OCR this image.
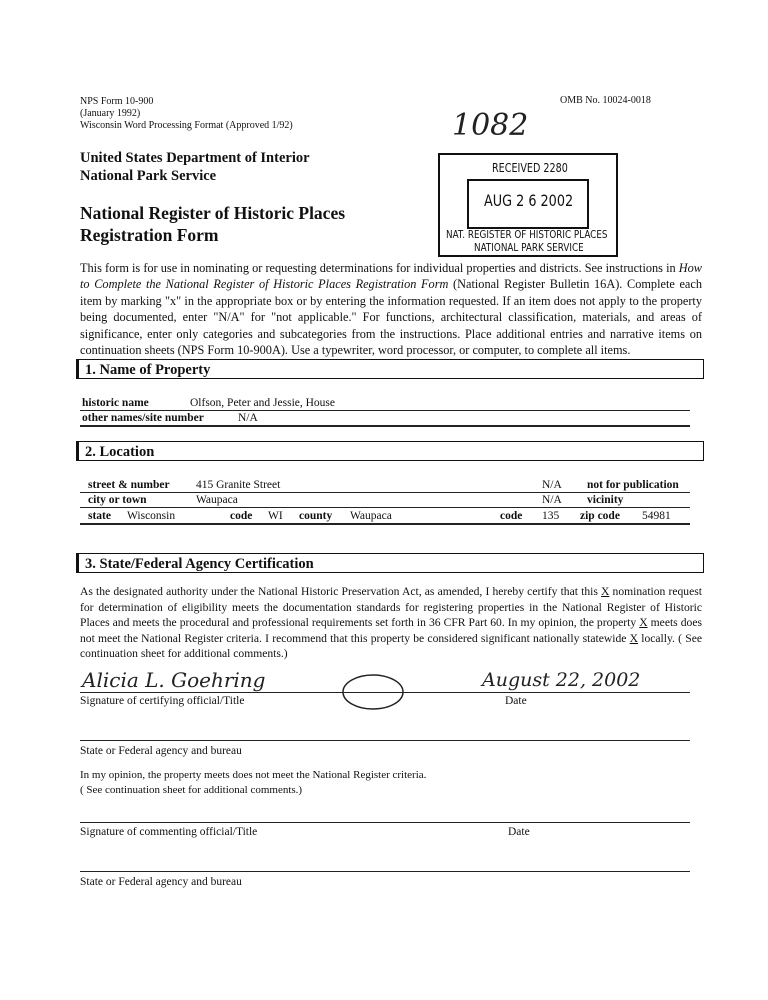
NPS Form 10-900
(January 1992)
Wisconsin Word Processing Format (Approved 1/92)
OMB No. 10024-0018
1082
United States Department of Interior
National Park Service
National Register of Historic Places
Registration Form
RECEIVED 2280
AUG 2 6 2002
NAT. REGISTER OF HISTORIC PLACES
NATIONAL PARK SERVICE
This form is for use in nominating or requesting determinations for individual properties and districts. See instructions in How to Complete the National Register of Historic Places Registration Form (National Register Bulletin 16A). Complete each item by marking "x" in the appropriate box or by entering the information requested. If an item does not apply to the property being documented, enter "N/A" for "not applicable." For functions, architectural classification, materials, and areas of significance, enter only categories and subcategories from the instructions. Place additional entries and narrative items on continuation sheets (NPS Form 10-900A). Use a typewriter, word processor, or computer, to complete all items.
1. Name of Property
historic name	Olfson, Peter and Jessie, House
other names/site number	N/A
2. Location
street & number 415 Granite Street	N/A not for publication
city or town	Waupaca	N/A vicinity
state Wisconsin	code WI county Waupaca	code 135 zip code 54981
3. State/Federal Agency Certification
As the designated authority under the National Historic Preservation Act, as amended, I hereby certify that this X nomination request for determination of eligibility meets the documentation standards for registering properties in the National Register of Historic Places and meets the procedural and professional requirements set forth in 36 CFR Part 60. In my opinion, the property X meets does not meet the National Register criteria. I recommend that this property be considered significant nationally statewide X locally. ( See continuation sheet for additional comments.)
Alicia L. Goehring	August 22, 2002
Signature of certifying official/Title	Date
State or Federal agency and bureau
In my opinion, the property meets does not meet the National Register criteria.
( See continuation sheet for additional comments.)
Signature of commenting official/Title	Date
State or Federal agency and bureau
